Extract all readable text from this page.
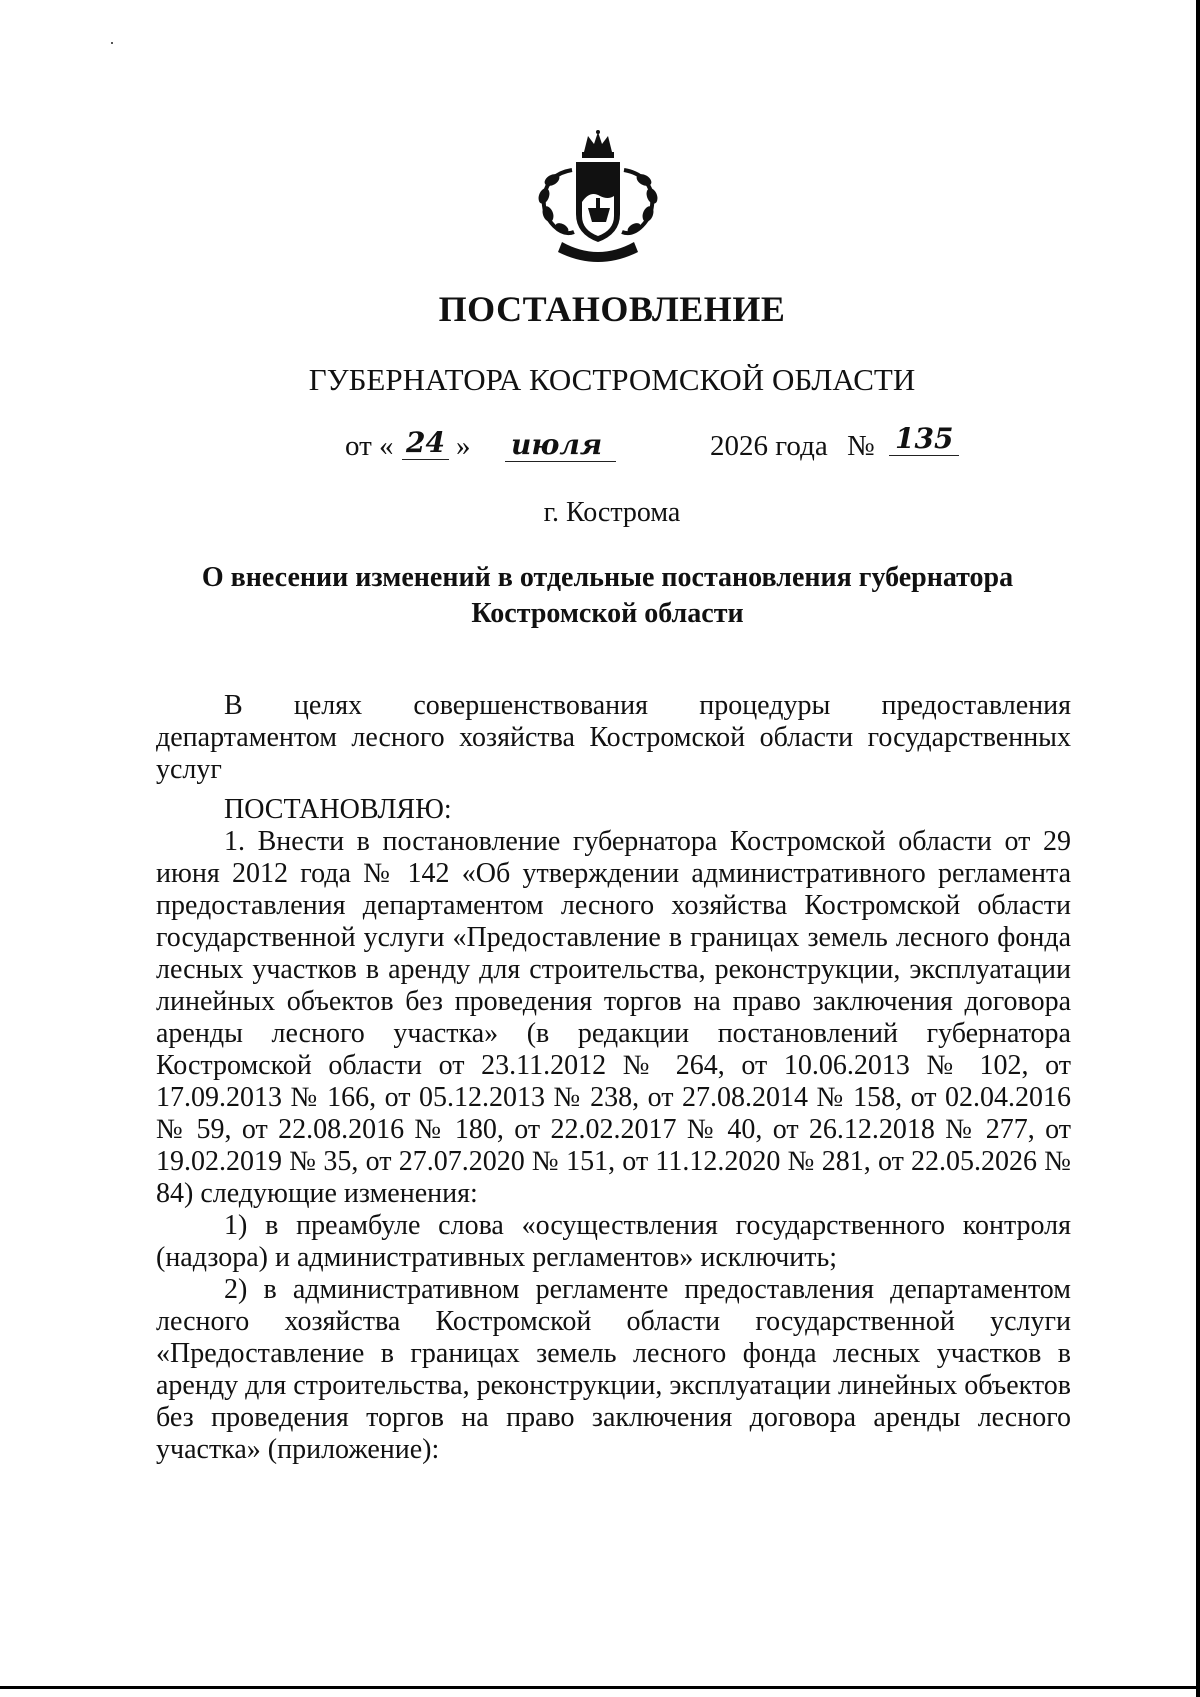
ПОСТАНОВЛЕНИЕ
ГУБЕРНАТОРА КОСТРОМСКОЙ ОБЛАСТИ
от « 24 » июля	2026 года № 135
г. Кострома
О внесении изменений в отдельные постановления губернатора
Костромской области

В целях совершенствования процедуры предоставления департаментом лесного хозяйства Костромской области государственных услуг

ПОСТАНОВЛЯЮ:

1. Внести в постановление губернатора Костромской области от 29 июня 2012 года № 142 «Об утверждении административного регламента предоставления департаментом лесного хозяйства Костромской области государственной услуги «Предоставление в границах земель лесного фонда лесных участков в аренду для строительства, реконструкции, эксплуатации линейных объектов без проведения торгов на право заключения договора аренды лесного участка» (в редакции постановлений губернатора Костромской области от 23.11.2012 № 264, от 10.06.2013 № 102, от 17.09.2013 № 166, от 05.12.2013 № 238, от 27.08.2014 № 158, от 02.04.2016 № 59, от 22.08.2016 № 180, от 22.02.2017 № 40, от 26.12.2018 № 277, от 19.02.2019 № 35, от 27.07.2020 № 151, от 11.12.2020 № 281, от 22.05.2026 № 84) следующие изменения:

1) в преамбуле слова «осуществления государственного контроля (надзора) и административных регламентов» исключить;

2) в административном регламенте предоставления департаментом лесного хозяйства Костромской области государственной услуги «Предоставление в границах земель лесного фонда лесных участков в аренду для строительства, реконструкции, эксплуатации линейных объектов без проведения торгов на право заключения договора аренды лесного участка» (приложение):
